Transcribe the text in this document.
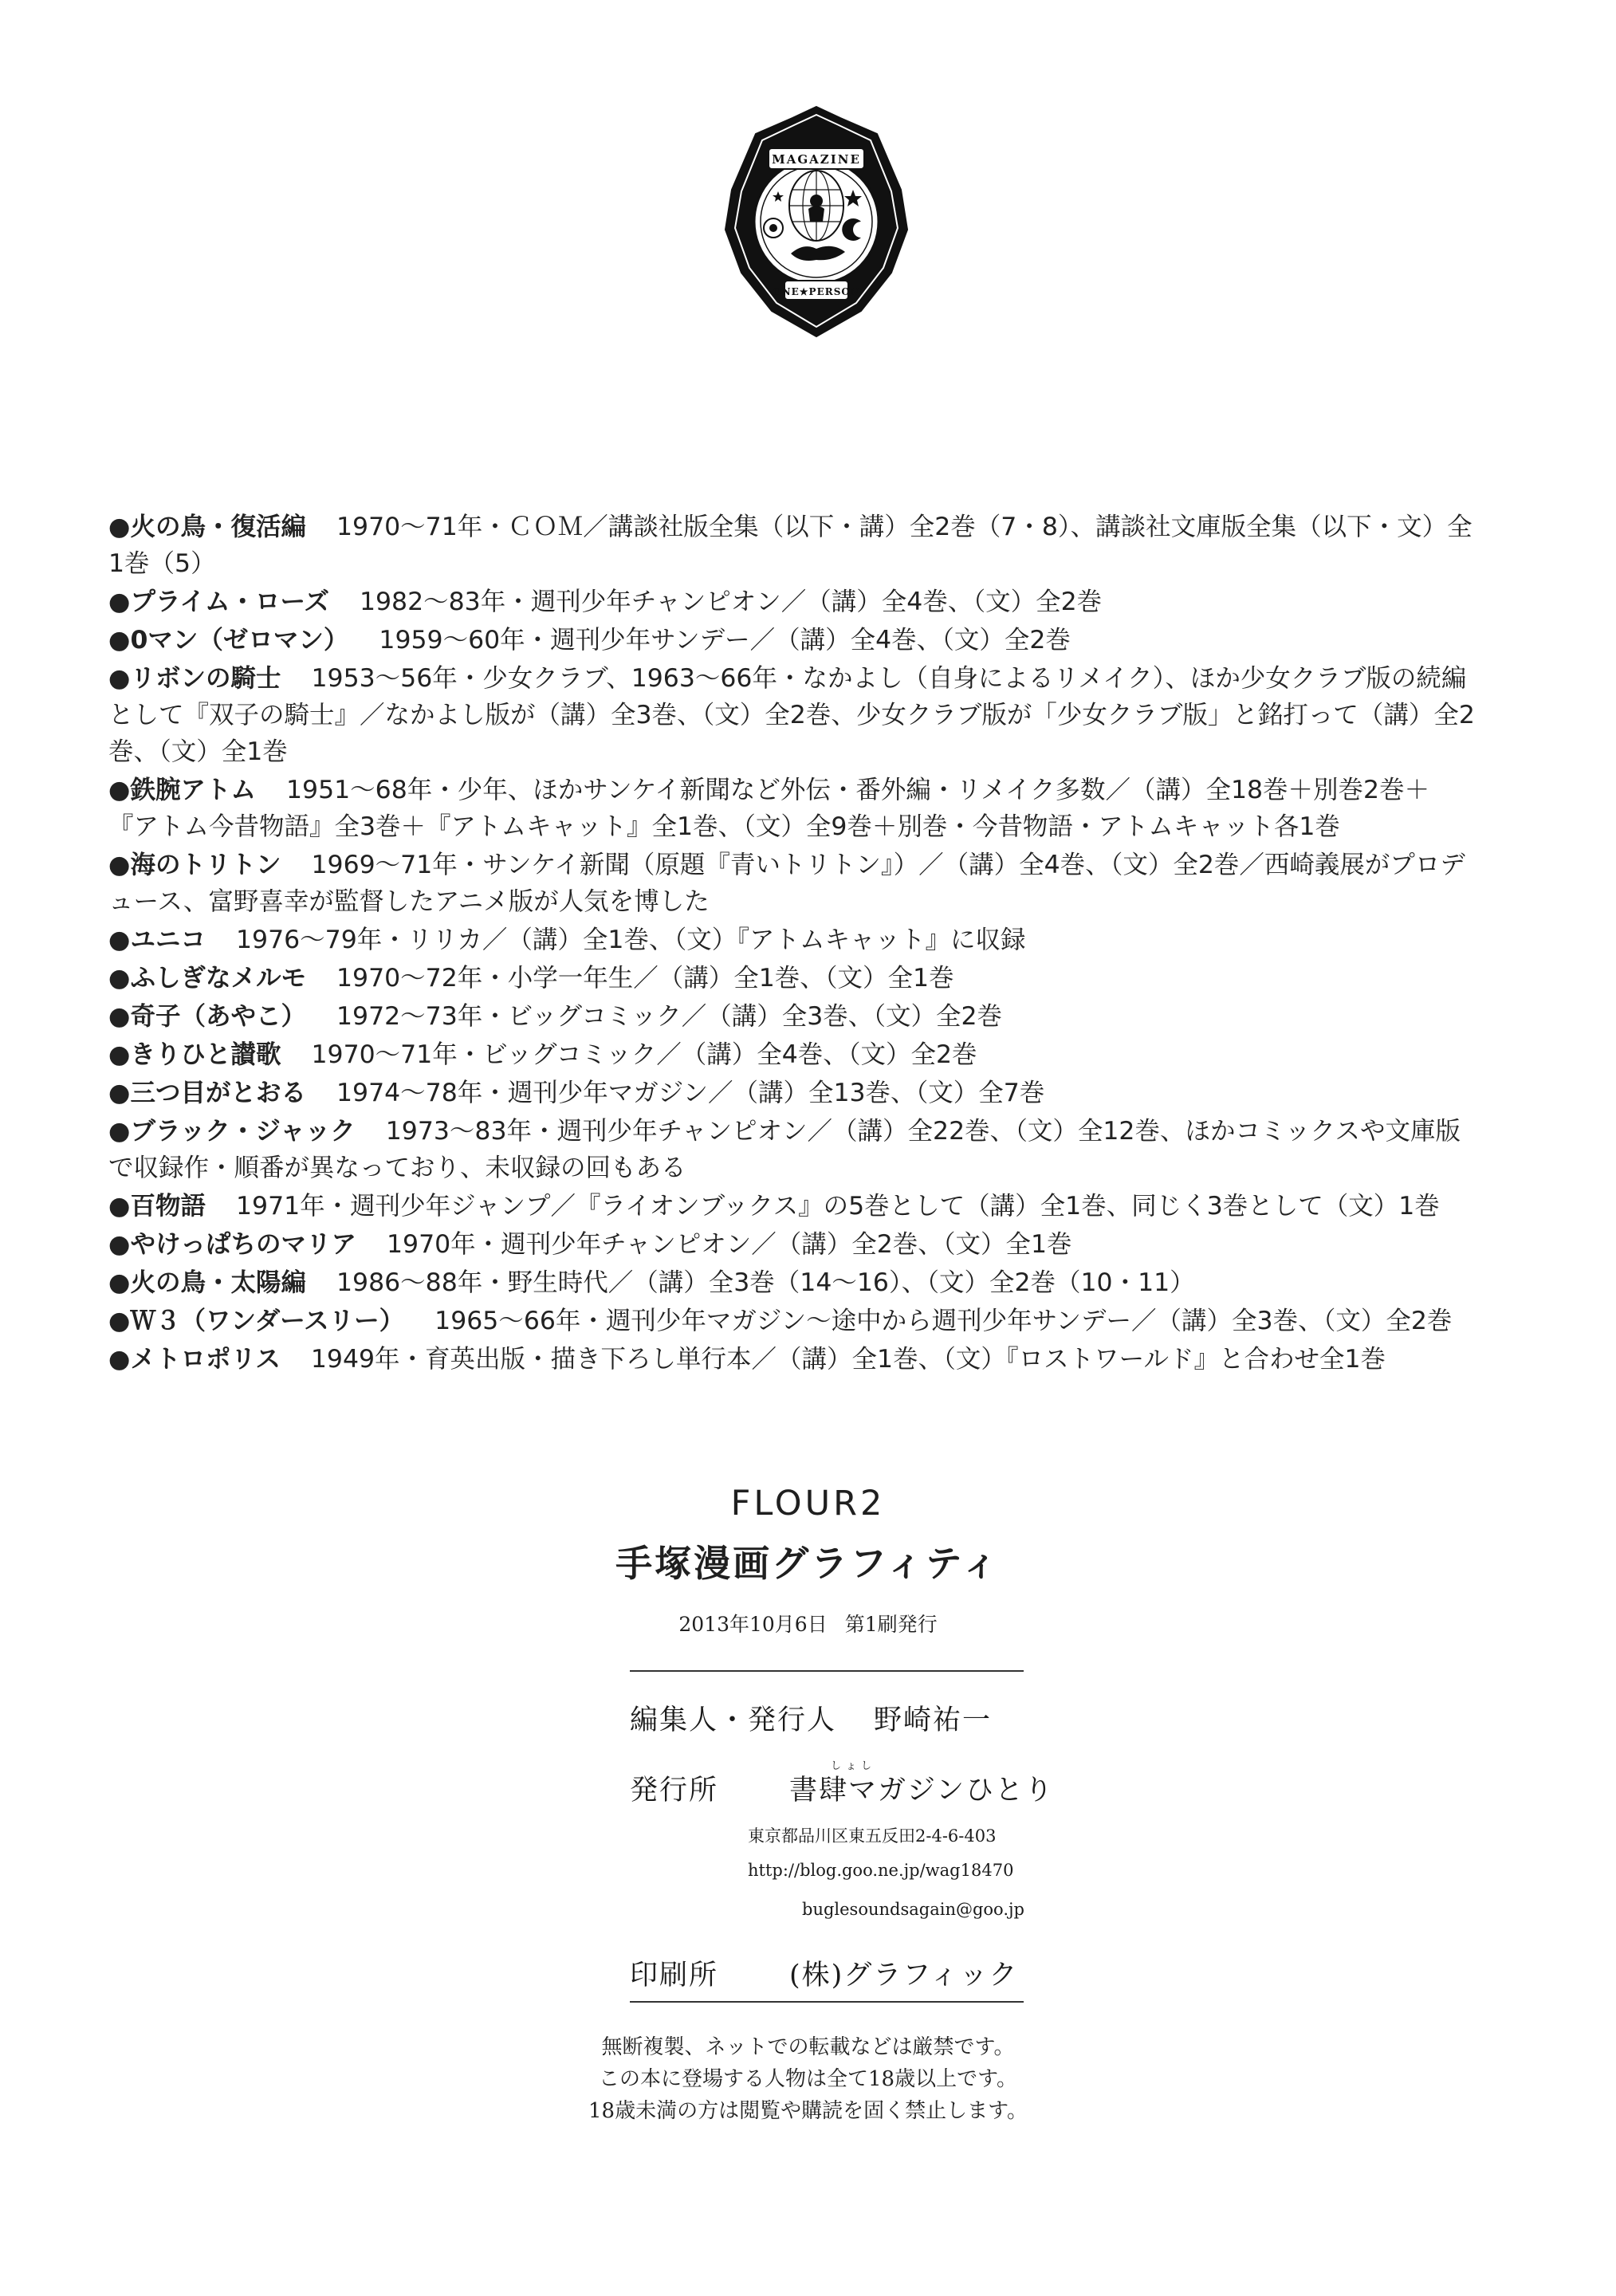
MAGAZINE
ONE★PERSON
●火の鳥・復活編 1970〜71年・ＣＯＭ／講談社版全集（以下・講）全2巻（7・8）、講談社文庫版全集（以下・文）全1巻（5）
●プライム・ローズ 1982〜83年・週刊少年チャンピオン／（講）全4巻、（文）全2巻
●0マン（ゼロマン） 1959〜60年・週刊少年サンデー／（講）全4巻、（文）全2巻
●リボンの騎士 1953〜56年・少女クラブ、1963〜66年・なかよし（自身によるリメイク）、ほか少女クラブ版の続編として『双子の騎士』／なかよし版が（講）全3巻、（文）全2巻、少女クラブ版が「少女クラブ版」と銘打って（講）全2巻、（文）全1巻
●鉄腕アトム 1951〜68年・少年、ほかサンケイ新聞など外伝・番外編・リメイク多数／（講）全18巻＋別巻2巻＋『アトム今昔物語』全3巻＋『アトムキャット』全1巻、（文）全9巻＋別巻・今昔物語・アトムキャット各1巻
●海のトリトン 1969〜71年・サンケイ新聞（原題『青いトリトン』）／（講）全4巻、（文）全2巻／西崎義展がプロデュース、富野喜幸が監督したアニメ版が人気を博した
●ユニコ 1976〜79年・リリカ／（講）全1巻、（文）『アトムキャット』に収録
●ふしぎなメルモ 1970〜72年・小学一年生／（講）全1巻、（文）全1巻
●奇子（あやこ） 1972〜73年・ビッグコミック／（講）全3巻、（文）全2巻
●きりひと讃歌 1970〜71年・ビッグコミック／（講）全4巻、（文）全2巻
●三つ目がとおる 1974〜78年・週刊少年マガジン／（講）全13巻、（文）全7巻
●ブラック・ジャック 1973〜83年・週刊少年チャンピオン／（講）全22巻、（文）全12巻、ほかコミックスや文庫版で収録作・順番が異なっており、未収録の回もある
●百物語 1971年・週刊少年ジャンプ／『ライオンブックス』の5巻として（講）全1巻、同じく3巻として（文）1巻
●やけっぱちのマリア 1970年・週刊少年チャンピオン／（講）全2巻、（文）全1巻
●火の鳥・太陽編 1986〜88年・野生時代／（講）全3巻（14〜16）、（文）全2巻（10・11）
●Ｗ３（ワンダースリー） 1965〜66年・週刊少年マガジン〜途中から週刊少年サンデー／（講）全3巻、（文）全2巻
●メトロポリス 1949年・育英出版・描き下ろし単行本／（講）全1巻、（文）『ロストワールド』と合わせ全1巻
FLOUR2
手塚漫画グラフィティ
2013年10月6日 第1刷発行
編集人・発行人 野崎祐一
しょし
発行所	書肆マガジンひとり
東京都品川区東五反田2-4-6-403
http://blog.goo.ne.jp/wag18470
buglesoundsagain@goo.jp
印刷所	(株)グラフィック
無断複製、ネットでの転載などは厳禁です。
この本に登場する人物は全て18歳以上です。
18歳未満の方は閲覧や購読を固く禁止します。
